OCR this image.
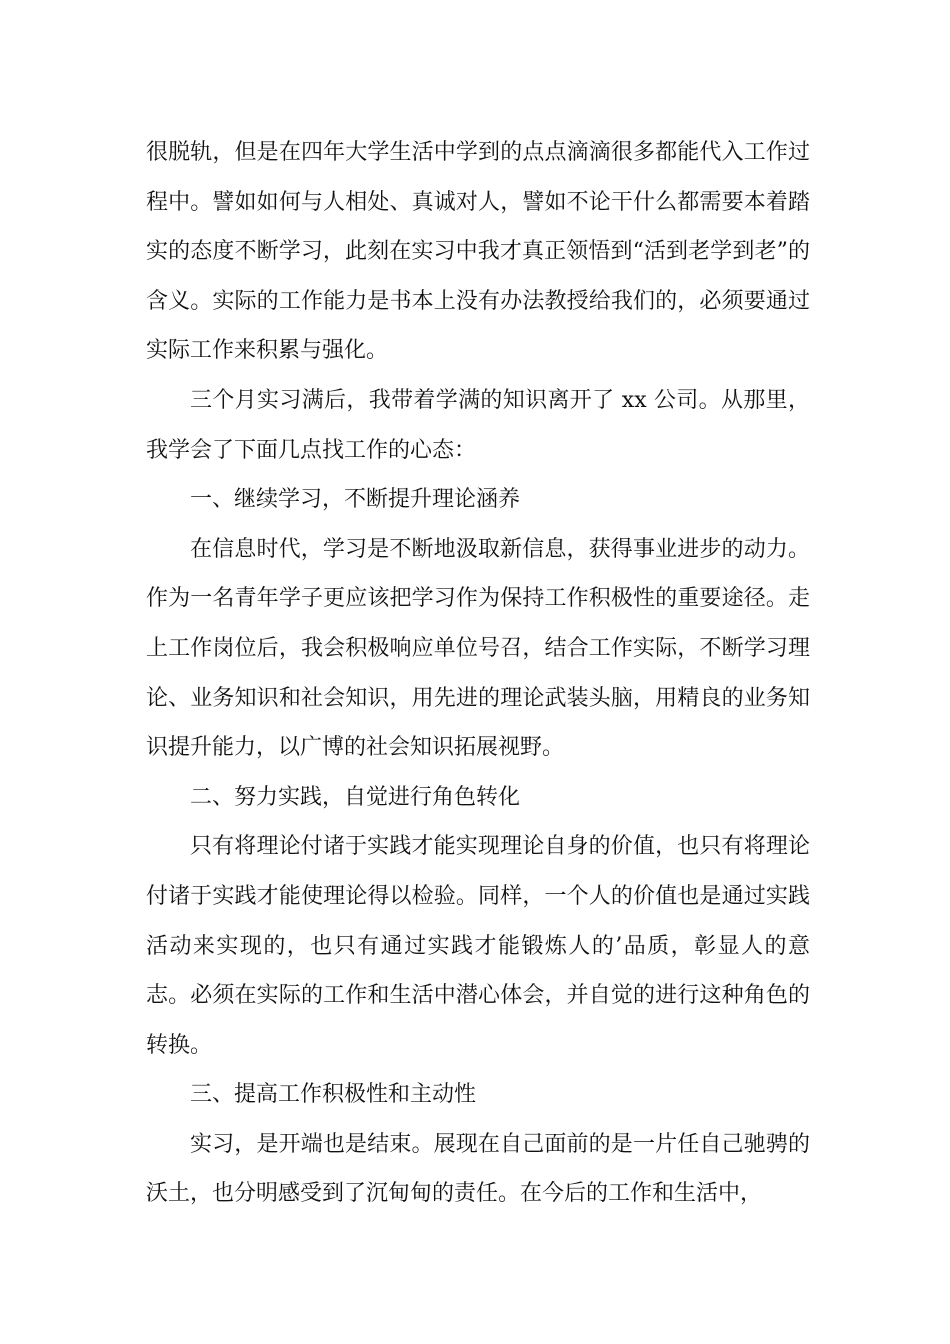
很脱轨，但是在四年大学生活中学到的点点滴滴很多都能代入工作过程中。譬如如何与人相处、真诚对人，譬如不论干什么都需要本着踏实的态度不断学习，此刻在实习中我才真正领悟到“活到老学到老”的含义。实际的工作能力是书本上没有办法教授给我们的，必须要通过实际工作来积累与强化。

三个月实习满后，我带着学满的知识离开了 xx 公司。从那里，我学会了下面几点找工作的心态：

一、继续学习，不断提升理论涵养

在信息时代，学习是不断地汲取新信息，获得事业进步的动力。作为一名青年学子更应该把学习作为保持工作积极性的重要途径。走上工作岗位后，我会积极响应单位号召，结合工作实际，不断学习理论、业务知识和社会知识，用先进的理论武装头脑，用精良的业务知识提升能力，以广博的社会知识拓展视野。

二、努力实践，自觉进行角色转化

只有将理论付诸于实践才能实现理论自身的价值，也只有将理论付诸于实践才能使理论得以检验。同样，一个人的价值也是通过实践活动来实现的，也只有通过实践才能锻炼人的’品质，彰显人的意志。必须在实际的工作和生活中潜心体会，并自觉的进行这种角色的转换。

三、提高工作积极性和主动性

实习，是开端也是结束。展现在自己面前的是一片任自己驰骋的沃土，也分明感受到了沉甸甸的责任。在今后的工作和生活中，
